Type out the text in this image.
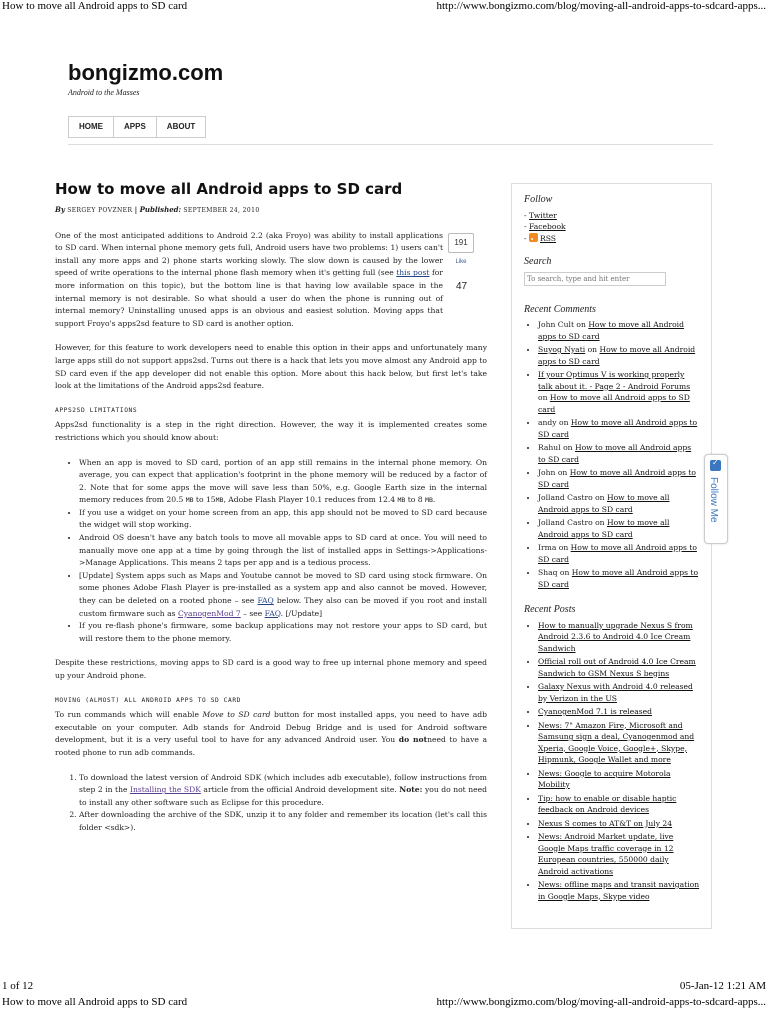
How to move all Android apps to SD card	http://www.bongizmo.com/blog/moving-all-android-apps-to-sdcard-apps...
bongizmo.com
Android to the Masses
HOME	APPS	ABOUT
191
Like
47
How to move all Android apps to SD card
By SERGEY POVZNER | Published: SEPTEMBER 24, 2010

One of the most anticipated additions to Android 2.2 (aka Froyo) was ability to install applications to SD card. When internal phone memory gets full, Android users have two problems: 1) users can't install any more apps and 2) phone starts working slowly. The slow down is caused by the lower speed of write operations to the internal phone flash memory when it's getting full (see this post for more information on this topic), but the bottom line is that having low available space in the internal memory is not desirable. So what should a user do when the phone is running out of internal memory? Uninstalling unused apps is an obvious and easiest solution. Moving apps that support Froyo's apps2sd feature to SD card is another option.

However, for this feature to work developers need to enable this option in their apps and unfortunately many large apps still do not support apps2sd. Turns out there is a hack that lets you move almost any Android app to SD card even if the app developer did not enable this option. More about this hack below, but first let's take look at the limitations of the Android apps2sd feature.

APPS2SD LIMITATIONS

Apps2sd functionality is a step in the right direction. However, the way it is implemented creates some restrictions which you should know about:

• When an app is moved to SD card, portion of an app still remains in the internal phone memory. On average, you can expect that application's footprint in the phone memory will be reduced by a factor of 2. Note that for some apps the move will save less than 50%, e.g. Google Earth size in the internal memory reduces from 20.5 MB to 15MB, Adobe Flash Player 10.1 reduces from 12.4 MB to 8 MB.
• If you use a widget on your home screen from an app, this app should not be moved to SD card because the widget will stop working.
• Android OS doesn't have any batch tools to move all movable apps to SD card at once. You will need to manually move one app at a time by going through the list of installed apps in Settings->Applications->Manage Applications. This means 2 taps per app and is a tedious process.
• [Update] System apps such as Maps and Youtube cannot be moved to SD card using stock firmware. On some phones Adobe Flash Player is pre-installed as a system app and also cannot be moved. However, they can be deleted on a rooted phone – see FAQ below. They also can be moved if you root and install custom firmware such as CyanogenMod 7 – see FAQ. [/Update]
• If you re-flash phone's firmware, some backup applications may not restore your apps to SD card, but will restore them to the phone memory.

Despite these restrictions, moving apps to SD card is a good way to free up internal phone memory and speed up your Android phone.

MOVING (ALMOST) ALL ANDROID APPS TO SD CARD

To run commands which will enable Move to SD card button for most installed apps, you need to have adb executable on your computer. Adb stands for Android Debug Bridge and is used for Android software development, but it is a very useful tool to have for any advanced Android user. You do notneed to have a rooted phone to run adb commands.

1. To download the latest version of Android SDK (which includes adb executable), follow instructions from step 2 in the Installing the SDK article from the official Android development site. Note: you do not need to install any other software such as Eclipse for this procedure.
2. After downloading the archive of the SDK, unzip it to any folder and remember its location (let's call this folder <sdk>).
Follow
- Twitter
- Facebook
- RSS
Search
To search, type and hit enter
Recent Comments
• John Cult on How to move all Android apps to SD card
• Suyog Nyati on How to move all Android apps to SD card
• If your Optimus V is working properly talk about it. - Page 2 - Android Forums on How to move all Android apps to SD card
• andy on How to move all Android apps to SD card
• Rahul on How to move all Android apps to SD card
• John on How to move all Android apps to SD card
• Jolland Castro on How to move all Android apps to SD card
• Jolland Castro on How to move all Android apps to SD card
• Irma on How to move all Android apps to SD card
• Shaq on How to move all Android apps to SD card
Recent Posts
• How to manually upgrade Nexus S from Android 2.3.6 to Android 4.0 Ice Cream Sandwich
• Official roll out of Android 4.0 Ice Cream Sandwich to GSM Nexus S begins
• Galaxy Nexus with Android 4.0 released by Verizon in the US
• CyanogenMod 7.1 is released
• News: 7" Amazon Fire, Microsoft and Samsung sign a deal, Cyanogenmod and Xperia, Google Voice, Google+, Skype, Hipmunk, Google Wallet and more
• News: Google to acquire Motorola Mobility
• Tip: how to enable or disable haptic feedback on Android devices
• Nexus S comes to AT&T on July 24
• News: Android Market update, live Google Maps traffic coverage in 12 European countries, 550000 daily Android activations
• News: offline maps and transit navigation in Google Maps, Skype video
✓
Follow Me
1 of 12	05-Jan-12 1:21 AM
How to move all Android apps to SD card	http://www.bongizmo.com/blog/moving-all-android-apps-to-sdcard-apps...
